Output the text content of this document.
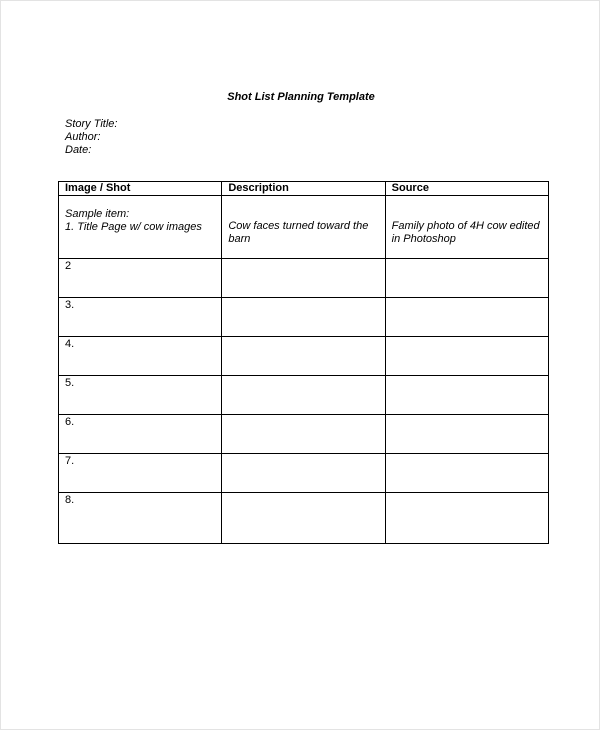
Shot List Planning Template
Story Title:
Author:
Date:
Image / Shot	Description	Source

Sample item:
1. Title Page w/ cow images	Cow faces turned toward the barn	Family photo of 4H cow edited in Photoshop
2		
3.		
4.		
5.		
6.		
7.		
8.		
